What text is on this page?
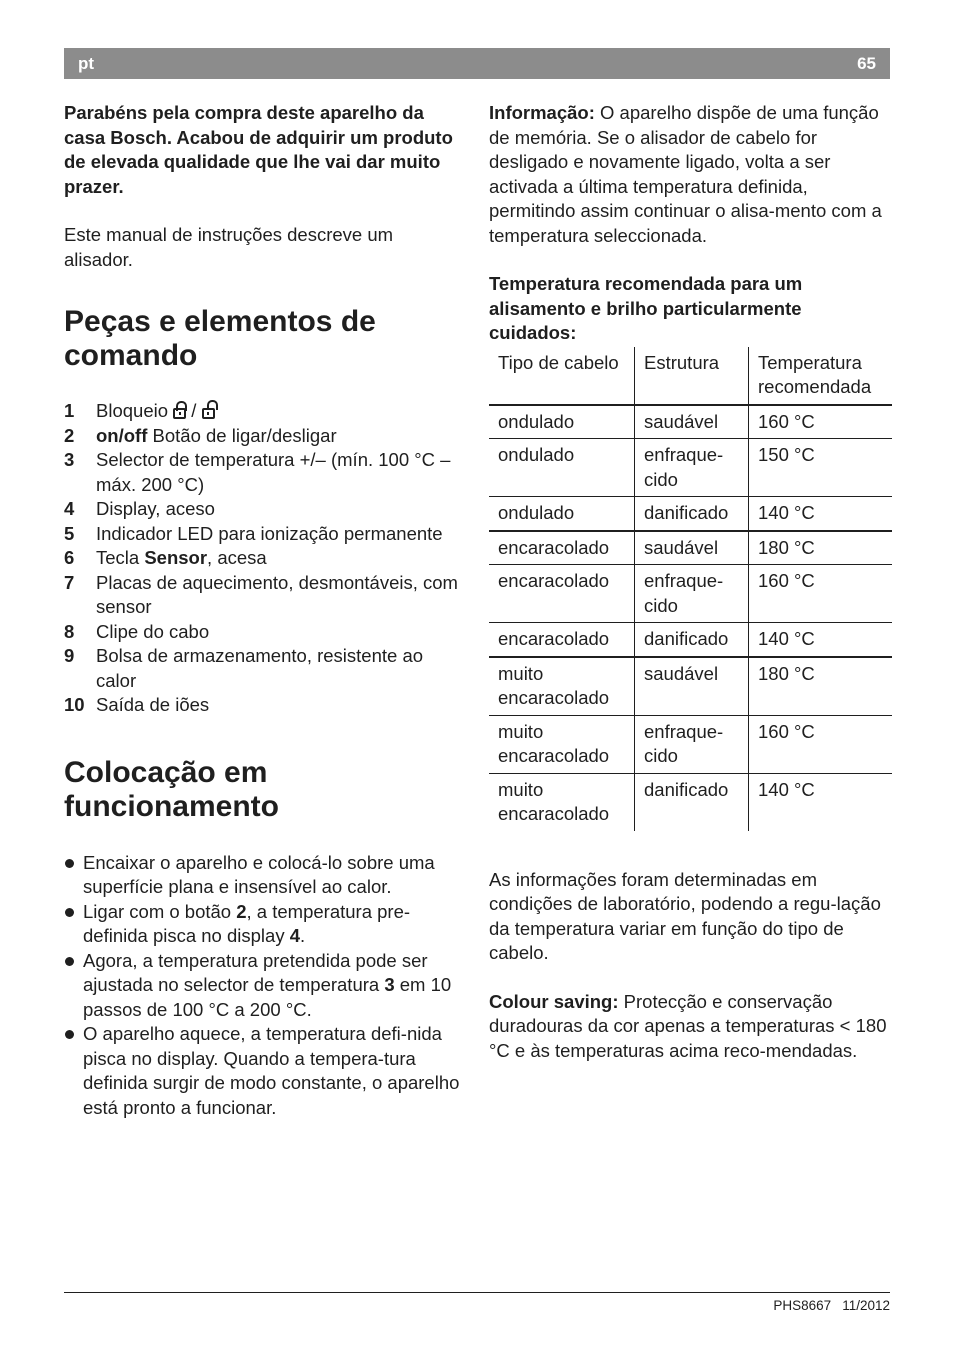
pt	65

Parabéns pela compra deste aparelho da casa Bosch. Acabou de adquirir um produto de elevada qualidade que lhe vai dar muito prazer.

Este manual de instruções descreve um alisador.

Peças e elementos de comando
1 Bloqueio /
2 on/off Botão de ligar/desligar
3 Selector de temperatura +/– (mín. 100 °C – máx. 200 °C)
4 Display, aceso
5 Indicador LED para ionização permanente
6 Tecla Sensor, acesa
7 Placas de aquecimento, desmontáveis, com sensor
8 Clipe do cabo
9 Bolsa de armazenamento, resistente ao calor
10 Saída de iões
Colocação em funcionamento
Encaixar o aparelho e colocá-lo sobre uma superfície plana e insensível ao calor.
Ligar com o botão 2, a temperatura pre-definida pisca no display 4.
Agora, a temperatura pretendida pode ser ajustada no selector de temperatura 3 em 10 passos de 100 °C a 200 °C.
O aparelho aquece, a temperatura defi-nida pisca no display. Quando a tempera-tura definida surgir de modo constante, o aparelho está pronto a funcionar.

Informação: O aparelho dispõe de uma função de memória. Se o alisador de cabelo for desligado e novamente ligado, volta a ser activada a última temperatura definida, permitindo assim continuar o alisa-mento com a temperatura seleccionada.

Temperatura recomendada para um alisamento e brilho particularmente cuidados:

Tipo de cabelo	Estrutura	Temperatura recomendada
ondulado	saudável	160 °C
ondulado	enfraque-cido	150 °C
ondulado	danificado	140 °C
encaracolado	saudável	180 °C
encaracolado	enfraque-cido	160 °C
encaracolado	danificado	140 °C
muito encaracolado	saudável	180 °C
muito encaracolado	enfraque-cido	160 °C
muito encaracolado	danificado	140 °C

As informações foram determinadas em condições de laboratório, podendo a regu-lação da temperatura variar em função do tipo de cabelo.

Colour saving: Protecção e conservação duradouras da cor apenas a temperaturas < 180 °C e às temperaturas acima reco-mendadas.

PHS8667 11/2012
